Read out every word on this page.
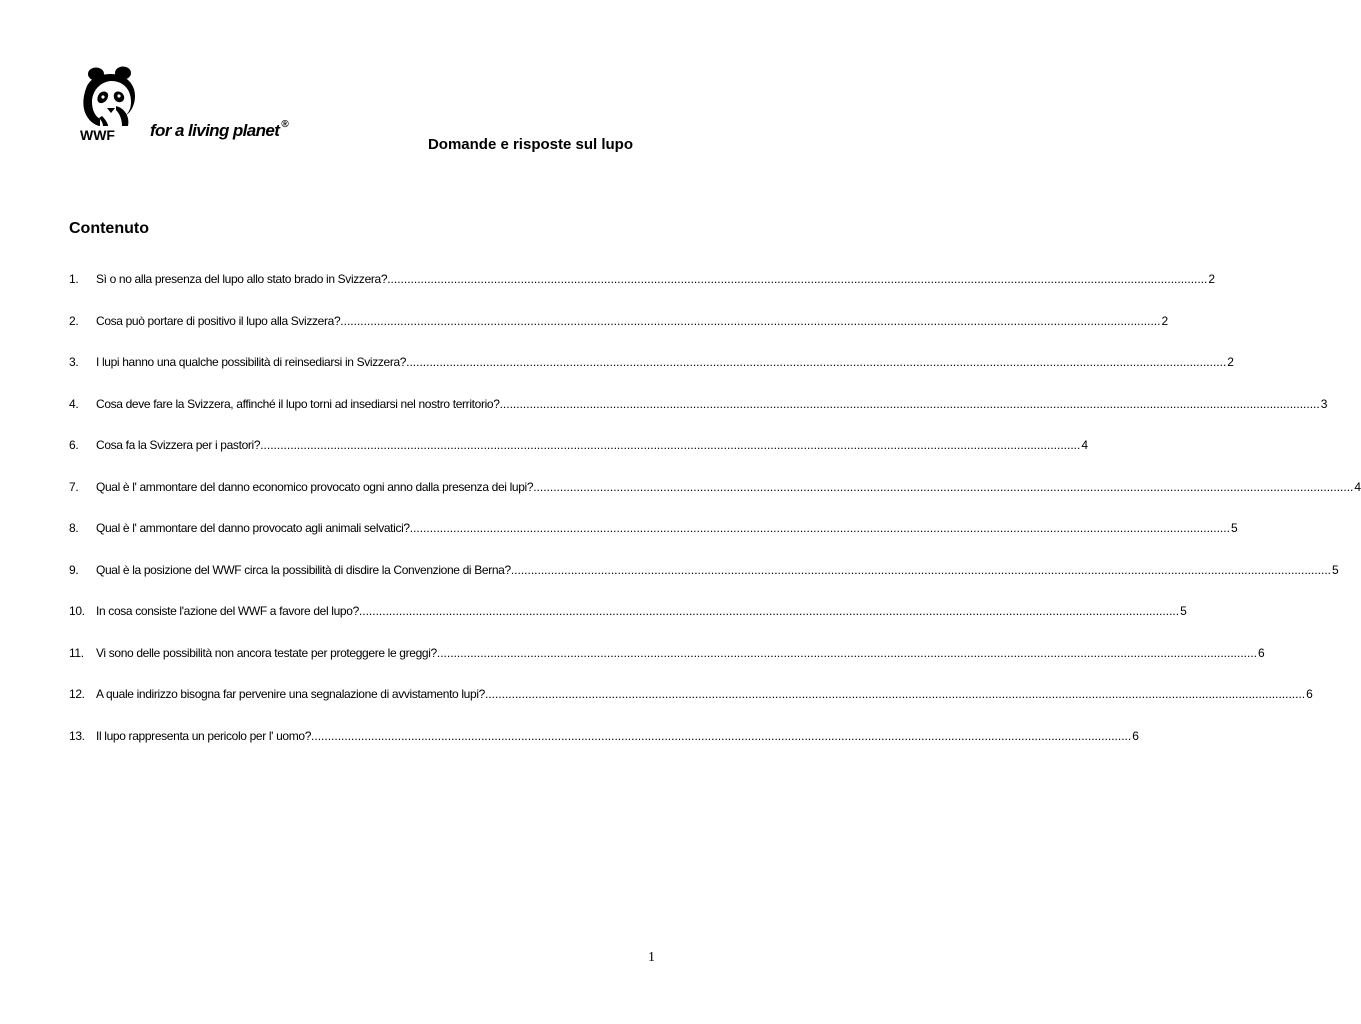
WWF for a living planet ®
Domande e risposte sul lupo
Contenuto
1.	Sì o no alla presenza del lupo allo stato brado in Svizzera? .....	2
2.	Cosa può portare di positivo il lupo alla Svizzera? .....	2
3.	I lupi hanno una qualche possibilità di reinsediarsi in Svizzera? .....	2
4.	Cosa deve fare la Svizzera, affinché il lupo torni ad insediarsi nel nostro territorio? .....	3
6.	Cosa fa la Svizzera per i pastori? .....	4
7.	Qual è l' ammontare del danno economico provocato ogni anno dalla presenza dei lupi? .....	4
8.	Qual è l' ammontare del danno provocato agli animali selvatici? .....	5
9.	Qual è la posizione del WWF circa la possibilità di disdire la Convenzione di Berna? .....	5
10. In cosa consiste l'azione del WWF a favore del lupo? .....	5
11.	Vi sono delle possibilità non ancora testate per proteggere le greggi? .....	6
12. A quale indirizzo bisogna far pervenire una segnalazione di avvistamento lupi? .....	6
13. Il lupo rappresenta un pericolo per l' uomo? .....	6
1
